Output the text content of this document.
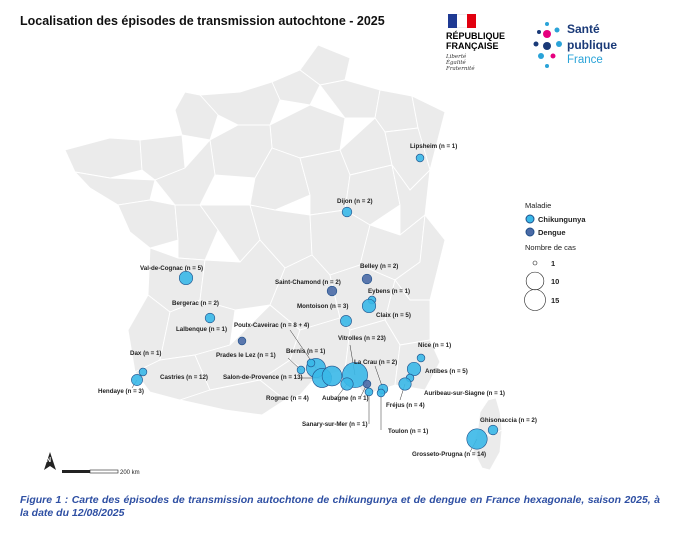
Localisation des épisodes de transmission autochtone - 2025
RÉPUBLIQUE
FRANÇAISE
Liberté
Égalité
Fraternité
Santé
publique
France
Lipsheim (n = 1)
Dijon (n = 2)
Val-de-Cognac (n = 5)	Belley (n = 2)
Saint-Chamond (n = 2)
Eybens (n = 1)
Bergerac (n = 2)	Montoison (n = 3)
Claix (n = 5)
Lalbenque (n = 1)
Poulx-Caveirac (n = 8 + 4)
Vitrolles (n = 23)
Dax (n = 1)	Prades le Lez (n = 1)
Bernis (n = 1)
Nice (n = 1)
La Crau (n = 2)
Antibes (n = 5)
Castries (n = 12) Salon-de-Provence (n = 13)
Hendaye (n = 3)	Auribeau-sur-Siagne (n = 1)
Rognac (n = 4) Aubagne (n = 1)
Fréjus (n = 4)
Sanary-sur-Mer (n = 1)
Toulon (n = 1)
Ghisonaccia (n = 2)
Grosseto-Prugna (n = 14)
Maladie
Chikungunya
Dengue
Nombre de cas
1
10
15
N
200 km
Figure 1 : Carte des épisodes de transmission autochtone de chikungunya et de dengue en France hexagonale, saison 2025, à la date du 12/08/2025
